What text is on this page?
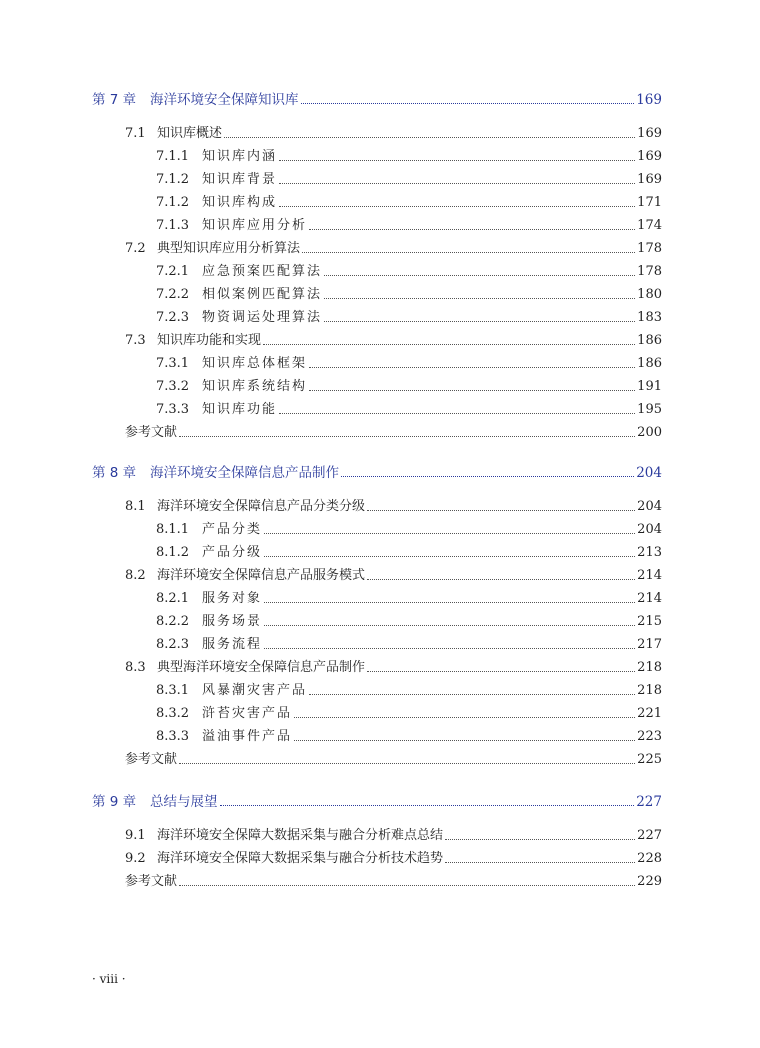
第 7 章	海洋环境安全保障知识库	169
7.1 知识库概述	169
7.1.1 知识库内涵	169
7.1.2 知识库背景	169
7.1.2 知识库构成	171
7.1.3 知识库应用分析	174
7.2 典型知识库应用分析算法	178
7.2.1 应急预案匹配算法	178
7.2.2 相似案例匹配算法	180
7.2.3 物资调运处理算法	183
7.3 知识库功能和实现	186
7.3.1 知识库总体框架	186
7.3.2 知识库系统结构	191
7.3.3 知识库功能	195
参考文献	200
第 8 章	海洋环境安全保障信息产品制作	204
8.1 海洋环境安全保障信息产品分类分级	204
8.1.1 产品分类	204
8.1.2 产品分级	213
8.2 海洋环境安全保障信息产品服务模式	214
8.2.1 服务对象	214
8.2.2 服务场景	215
8.2.3 服务流程	217
8.3 典型海洋环境安全保障信息产品制作	218
8.3.1 风暴潮灾害产品	218
8.3.2 浒苔灾害产品	221
8.3.3 溢油事件产品	223
参考文献	225
第 9 章	总结与展望	227
9.1 海洋环境安全保障大数据采集与融合分析难点总结	227
9.2 海洋环境安全保障大数据采集与融合分析技术趋势	228
参考文献	229
· viii ·
